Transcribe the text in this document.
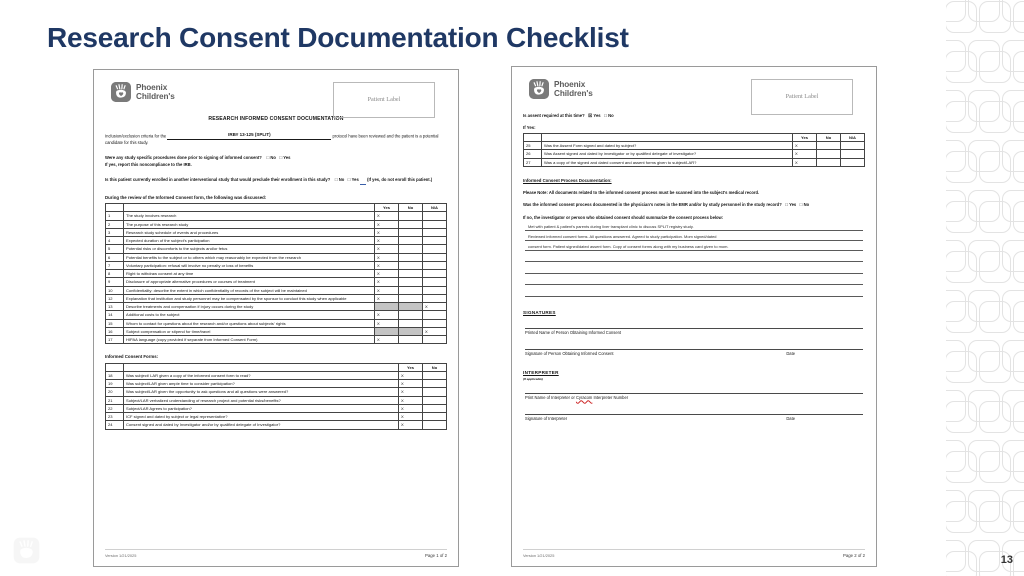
Research Consent Documentation Checklist
13
Patient Label
Phoenix
Children's
RESEARCH INFORMED CONSENT DOCUMENTATION
Inclusion/exclusion criteria for the	IRB# 13-125 (SPLIT)	protocol have been reviewed and the patient is a potential candidate for this study.
Were any study specific procedures done prior to signing of informed consent? □ No □ Yes
If yes, report this noncompliance to the IRB.
Is this patient currently enrolled in another interventional study that would preclude their enrollment in this study? □ No □ Yes (If yes, do not enroll this patient.)
During the review of the Informed Consent form, the following was discussed:
		Yes	No	N/A
1	The study involves research	X		
2	The purpose of this research study	X		
3	Research study schedule of events and procedures	X		
4	Expected duration of the subject's participation	X		
5	Potential risks or discomforts to the subjects and/or fetus	X		
6	Potential benefits to the subject or to others which may reasonably be expected from the research	X		
7	Voluntary participation: refusal will involve no penalty or loss of benefits	X		
8	Right to withdraw consent at any time	X		
9	Disclosure of appropriate alternative procedures or courses of treatment	X		
10	Confidentiality: describe the extent in which confidentiality of records of the subject will be maintained	X		
12	Explanation that institution and study personnel may be compensated by the sponsor to conduct this study when applicable	X		
13	Describe treatments and compensation if injury occurs during the study			X
14	Additional costs to the subject	X		
15	Whom to contact for questions about the research and/or questions about subjects' rights	X		
16	Subject compensation or stipend for time/travel			X
17	HIPAA language (copy provided if separate from Informed Consent Form)	X		
Informed Consent Forms:
		Yes	No
18	Was subject/ LAR given a copy of the informed consent form to read?	X	
19	Was subject/LAR given ample time to consider participation?	X	
20	Was subject/LAR given the opportunity to ask questions and all questions were answered?	X	
21	Subject/LAR verbalized understanding of research project and potential risks/benefits?	X	
22	Subject/LAR Agrees to participation?	X	
23	ICF signed and dated by subject or legal representative?	X	
24	Consent signed and dated by Investigator and/or by qualified delegate of Investigator?	X	
Version 1/21/2025	Page 1 of 2
Patient Label
Phoenix
Children's
Is assent required at this time? ☒ Yes □ No
If Yes:
		Yes	No	N/A
25	Was the Assent Form signed and dated by subject?	X		
26	Was Assent signed and dated by investigator or by qualified delegate of investigator?	X		
27	Was a copy of the signed and dated consent and assent forms given to subject/LAR?	X		
Informed Consent Process Documentation:
Please Note: All documents related to the informed consent process must be scanned into the subject's medical record.
Was the informed consent process documented in the physician's notes in the EMR and/or by study personnel in the study record? □ Yes □ No
If no, the investigator or person who obtained consent should summarize the consent process below:
Met with patient & patient's parents during liver transplant clinic to discuss SPLIT registry study.
Reviewed informed consent forms. All questions answered. Agreed to study participation. Mom signed/dated
consent form. Patient signed/dated assent form. Copy of consent forms along with my business card given to mom.
SIGNATURES
Printed Name of Person Obtaining Informed Consent
Signature of Person Obtaining Informed Consent	Date
INTERPRETER
(If applicable)
Print Name of Interpreter or Cyracom Interpreter Number
Signature of Interpreter	Date
Version 1/21/2025	Page 2 of 2
